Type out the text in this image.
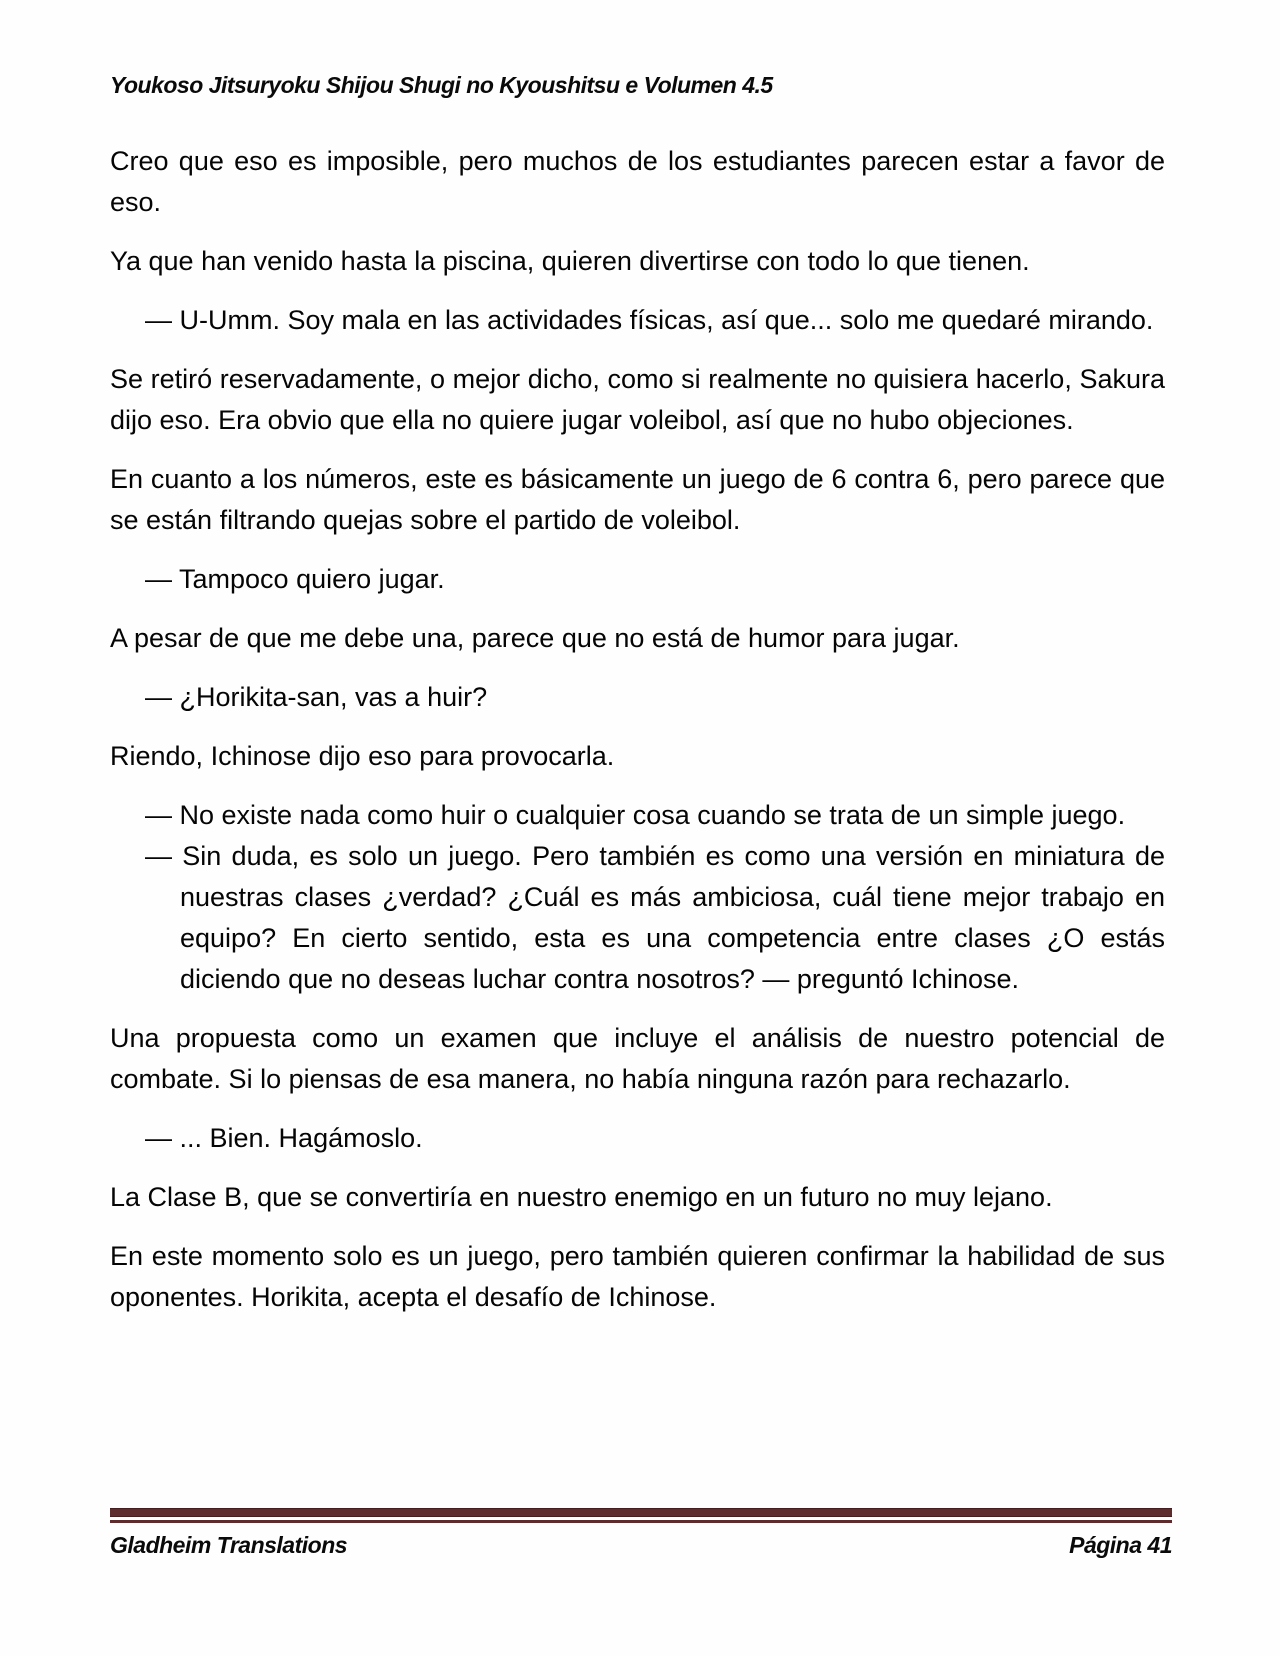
Youkoso Jitsuryoku Shijou Shugi no Kyoushitsu e Volumen 4.5

Creo que eso es imposible, pero muchos de los estudiantes parecen estar a favor de eso.

Ya que han venido hasta la piscina, quieren divertirse con todo lo que tienen.

— U-Umm. Soy mala en las actividades físicas, así que... solo me quedaré mirando.

Se retiró reservadamente, o mejor dicho, como si realmente no quisiera hacerlo, Sakura dijo eso. Era obvio que ella no quiere jugar voleibol, así que no hubo objeciones.

En cuanto a los números, este es básicamente un juego de 6 contra 6, pero parece que se están filtrando quejas sobre el partido de voleibol.

— Tampoco quiero jugar.

A pesar de que me debe una, parece que no está de humor para jugar.

— ¿Horikita-san, vas a huir?

Riendo, Ichinose dijo eso para provocarla.

— No existe nada como huir o cualquier cosa cuando se trata de un simple juego.

— Sin duda, es solo un juego. Pero también es como una versión en miniatura de nuestras clases ¿verdad? ¿Cuál es más ambiciosa, cuál tiene mejor trabajo en equipo? En cierto sentido, esta es una competencia entre clases ¿O estás diciendo que no deseas luchar contra nosotros? — preguntó Ichinose.

Una propuesta como un examen que incluye el análisis de nuestro potencial de combate. Si lo piensas de esa manera, no había ninguna razón para rechazarlo.

— ... Bien. Hagámoslo.

La Clase B, que se convertiría en nuestro enemigo en un futuro no muy lejano.

En este momento solo es un juego, pero también quieren confirmar la habilidad de sus oponentes. Horikita, acepta el desafío de Ichinose.

Gladheim Translations	Página 41
